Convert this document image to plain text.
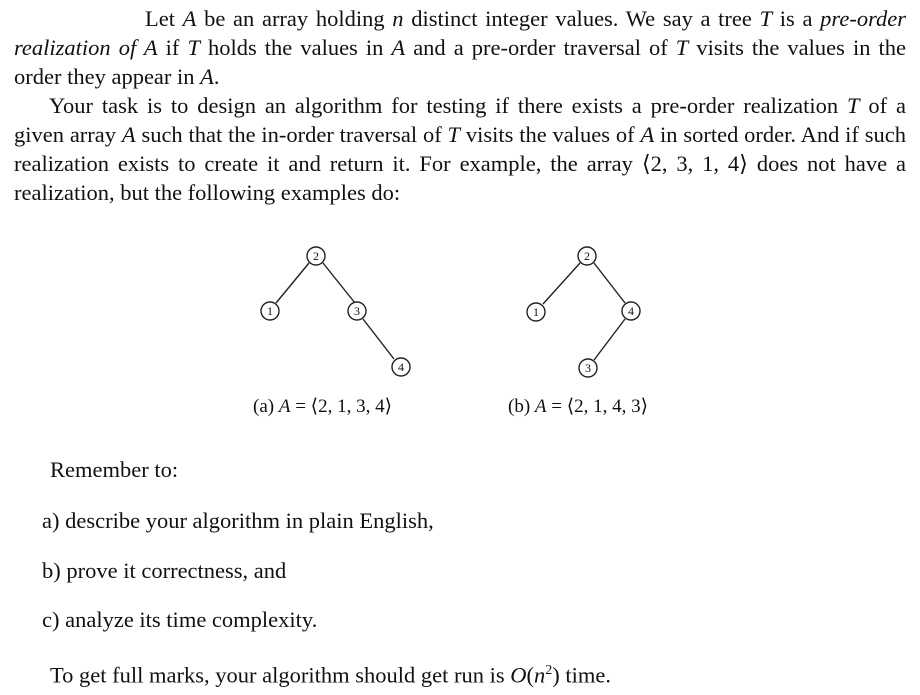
Let A be an array holding n distinct integer values. We say a tree T is a pre-order realization of A if T holds the values in A and a pre-order traversal of T visits the values in the order they appear in A.
Your task is to design an algorithm for testing if there exists a pre-order realization T of a given array A such that the in-order traversal of T visits the values of A in sorted order. And if such realization exists to create it and return it. For example, the array ⟨2, 3, 1, 4⟩ does not have a realization, but the following examples do:
2
1	3
4
2
1	4
3
(a) A = ⟨2, 1, 3, 4⟩	(b) A = ⟨2, 1, 4, 3⟩
Remember to:
a) describe your algorithm in plain English,
b) prove it correctness, and
c) analyze its time complexity.
To get full marks, your algorithm should get run is $O(n^2)$ time.
